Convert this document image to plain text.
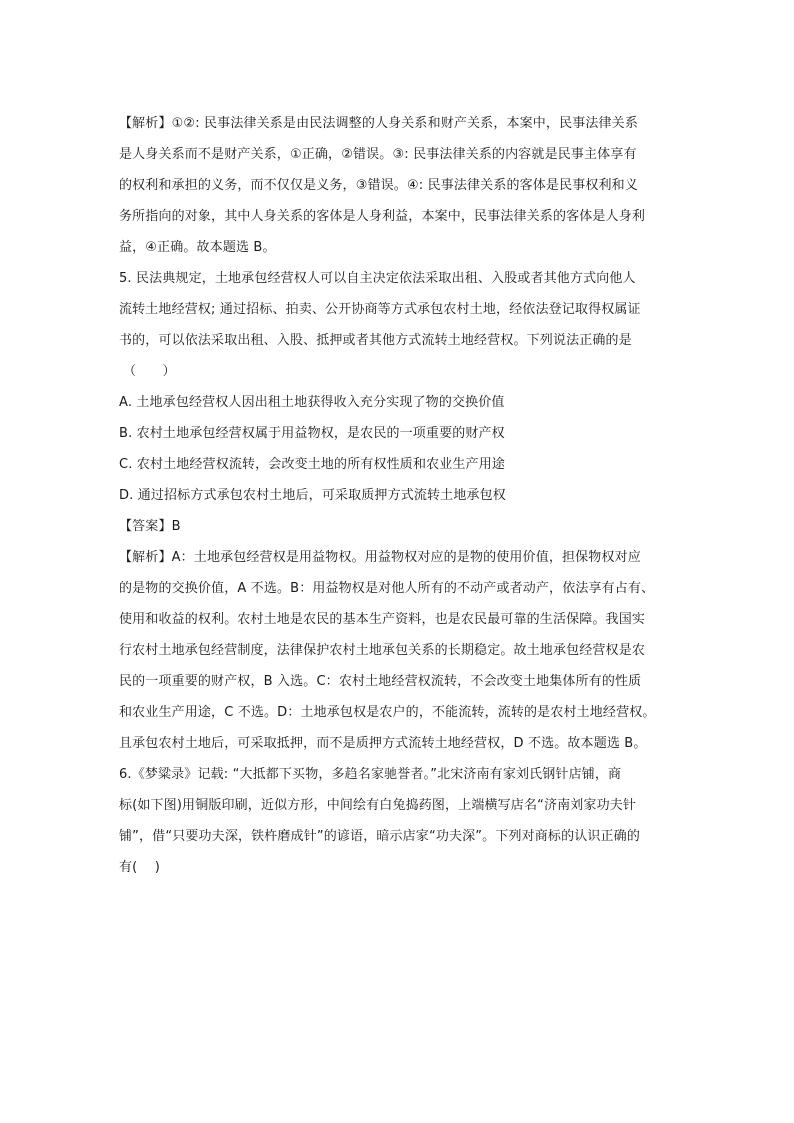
【解析】①②: 民事法律关系是由民法调整的人身关系和财产关系，本案中，民事法律关系
是人身关系而不是财产关系，①正确，②错误。③: 民事法律关系的内容就是民事主体享有
的权利和承担的义务，而不仅仅是义务，③错误。④: 民事法律关系的客体是民事权利和义
务所指向的对象，其中人身关系的客体是人身利益，本案中，民事法律关系的客体是人身利
益，④正确。故本题选 B。
5. 民法典规定，土地承包经营权人可以自主决定依法采取出租、入股或者其他方式向他人
流转土地经营权; 通过招标、拍卖、公开协商等方式承包农村土地，经依法登记取得权属证
书的，可以依法采取出租、入股、抵押或者其他方式流转土地经营权。下列说法正确的是
（　　）
A. 土地承包经营权人因出租土地获得收入充分实现了物的交换价值
B. 农村土地承包经营权属于用益物权，是农民的一项重要的财产权
C. 农村土地经营权流转，会改变土地的所有权性质和农业生产用途
D. 通过招标方式承包农村土地后，可采取质押方式流转土地承包权
【答案】B
【解析】A：土地承包经营权是用益物权。用益物权对应的是物的使用价值，担保物权对应
的是物的交换价值，A 不选。B：用益物权是对他人所有的不动产或者动产，依法享有占有、
使用和收益的权利。农村土地是农民的基本生产资料，也是农民最可靠的生活保障。我国实
行农村土地承包经营制度，法律保护农村土地承包关系的长期稳定。故土地承包经营权是农
民的一项重要的财产权，B 入选。C：农村土地经营权流转，不会改变土地集体所有的性质
和农业生产用途，C 不选。D：土地承包权是农户的，不能流转，流转的是农村土地经营权。
且承包农村土地后，可采取抵押，而不是质押方式流转土地经营权，D 不选。故本题选 B。
6.《梦粱录》记载: “大抵都下买物，多趋名家驰誉者。”北宋济南有家刘氏钢针店铺，商
标(如下图)用铜版印刷，近似方形，中间绘有白兔捣药图，上端横写店名“济南刘家功夫针
铺”，借“只要功夫深，铁杵磨成针”的谚语，暗示店家“功夫深”。下列对商标的认识正确的
有(　 )
